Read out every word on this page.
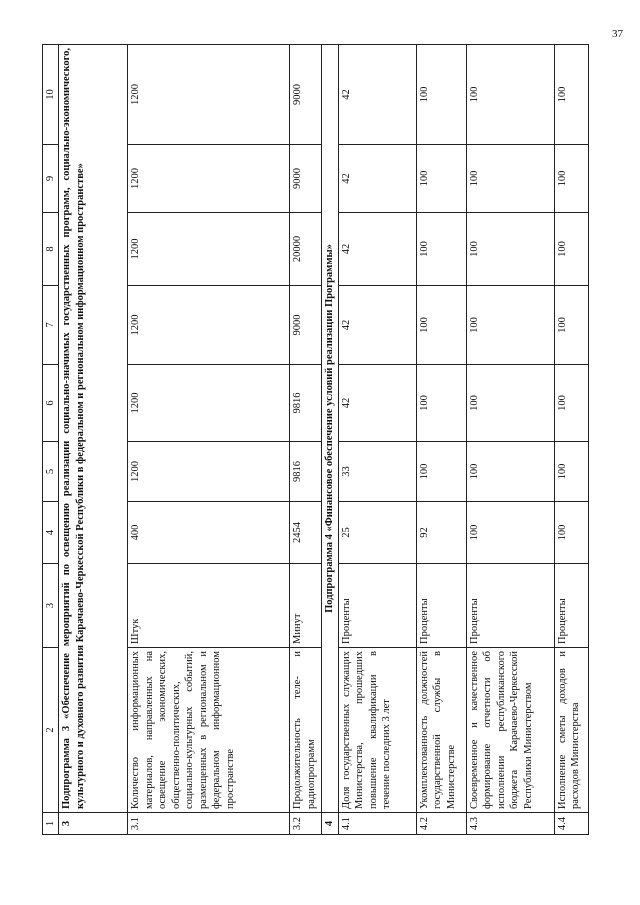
37
1	2	3	4	5	6	7	8	9	10
3	Подпрограмма 3 «Обеспечение мероприятий по освещению реализации социально-значимых государственных программ, социально-экономического, культурного и духовного развития Карачаево-Черкесской Республики в федеральном и региональном информационном пространстве»								
3.1	Количество информационных материалов, направленных на освещение экономических, общественно-политических, социально-культурных событий, размещенных в региональном и федеральном информационном пространстве	Штук	400	1200	1200	1200	1200	1200	1200
3.2	Продолжительность теле- и радиопрограмм	Минут	2454	9816	9816	9000	20000	9000	9000
4	Подпрограмма 4 «Финансовое обеспечение условий реализации Программы»								
4.1	Доля государственных служащих Министерства, прошедших повышение квалификации в течение последних 3 лет	Проценты	25	33	42	42	42	42	42
4.2	Укомплектованность должностей государственной службы в Министерстве	Проценты	92	100	100	100	100	100	100
4.3	Своевременное и качественное формирование отчетности об исполнении республиканского бюджета Карачаево-Черкесской Республики Министерством	Проценты	100	100	100	100	100	100	100
4.4	Исполнение сметы доходов и расходов Министерства	Проценты	100	100	100	100	100	100	100
